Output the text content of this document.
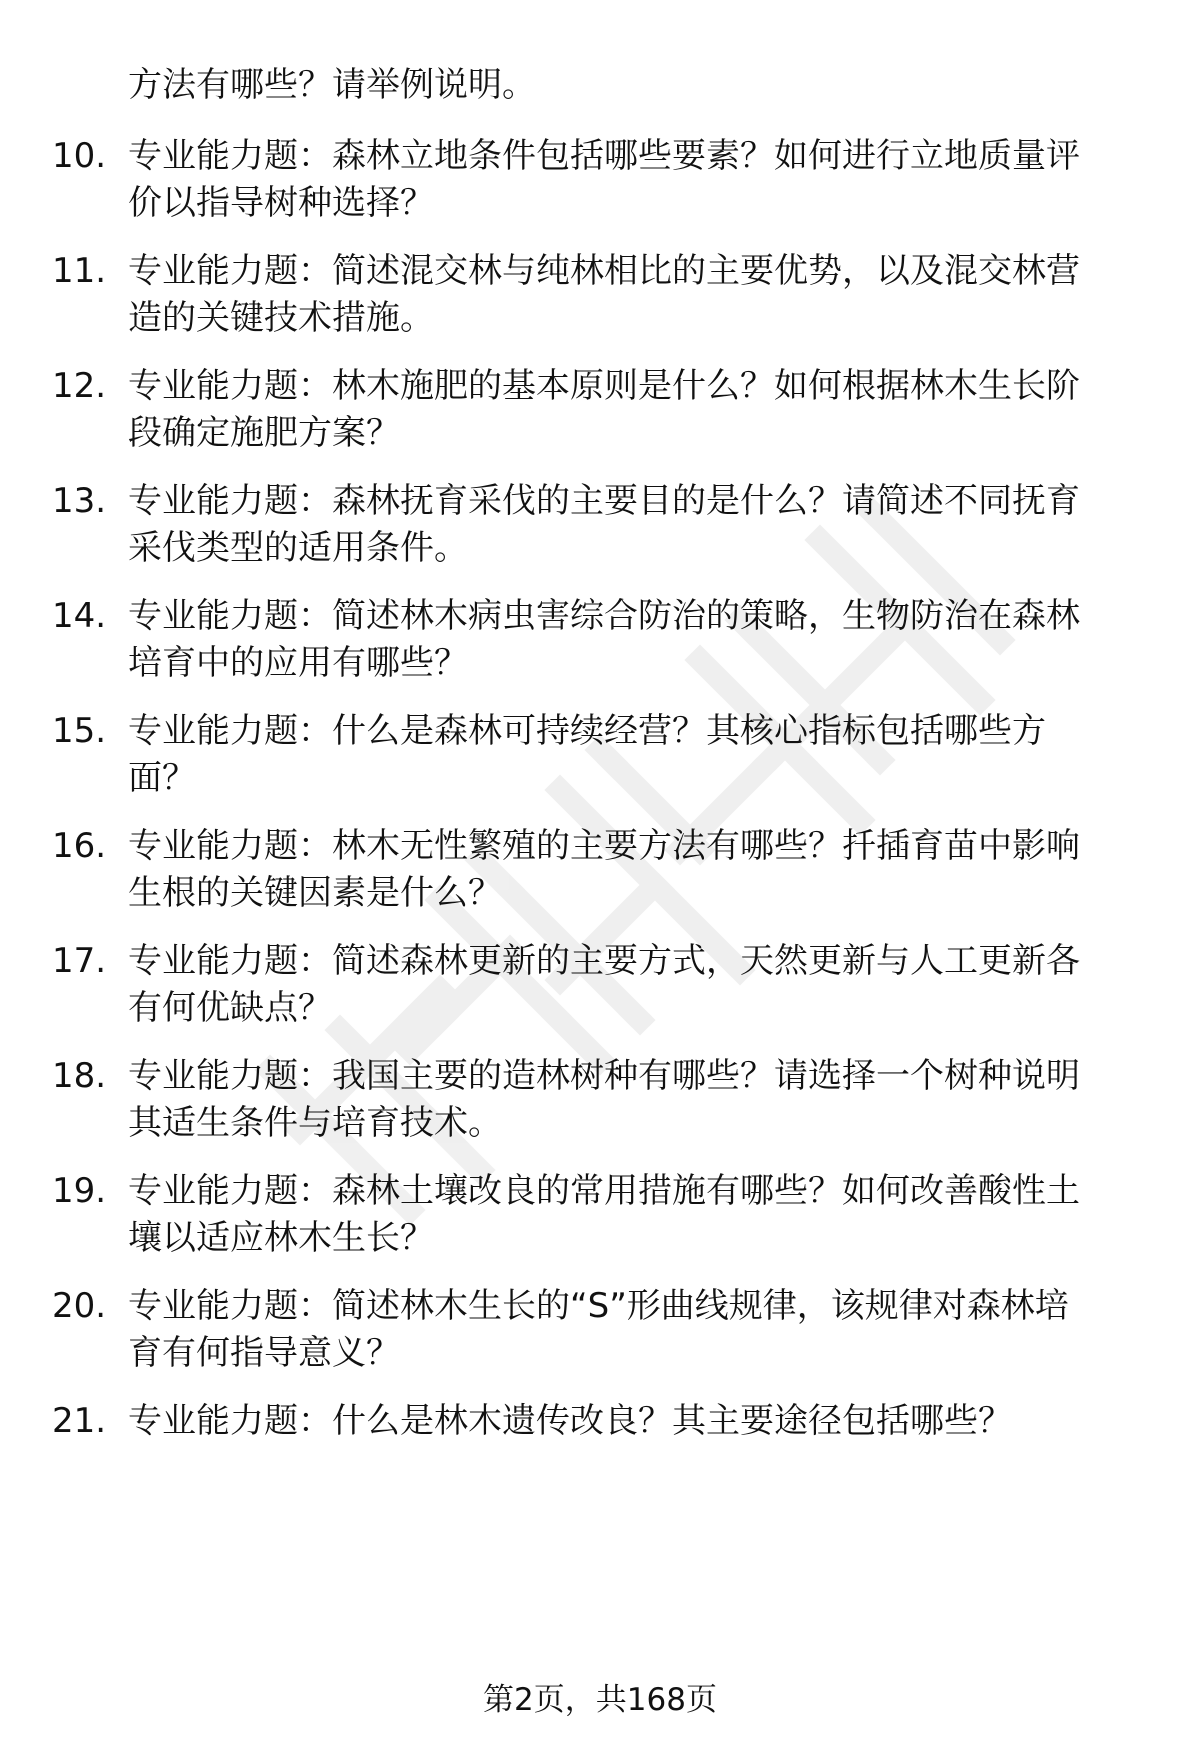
方法有哪些？请举例说明。
10. 专业能力题：森林立地条件包括哪些要素？如何进行立地质量评
价以指导树种选择？
11. 专业能力题：简述混交林与纯林相比的主要优势，以及混交林营
造的关键技术措施。
12. 专业能力题：林木施肥的基本原则是什么？如何根据林木生长阶
段确定施肥方案？
13. 专业能力题：森林抚育采伐的主要目的是什么？请简述不同抚育
采伐类型的适用条件。
14. 专业能力题：简述林木病虫害综合防治的策略，生物防治在森林
培育中的应用有哪些？
15. 专业能力题：什么是森林可持续经营？其核心指标包括哪些方
面？
16. 专业能力题：林木无性繁殖的主要方法有哪些？扦插育苗中影响
生根的关键因素是什么？
17. 专业能力题：简述森林更新的主要方式，天然更新与人工更新各
有何优缺点？
18. 专业能力题：我国主要的造林树种有哪些？请选择一个树种说明
其适生条件与培育技术。
19. 专业能力题：森林土壤改良的常用措施有哪些？如何改善酸性土
壤以适应林木生长？
20. 专业能力题：简述林木生长的“S”形曲线规律，该规律对森林培
育有何指导意义？
21. 专业能力题：什么是林木遗传改良？其主要途径包括哪些？
第2页，共168页
